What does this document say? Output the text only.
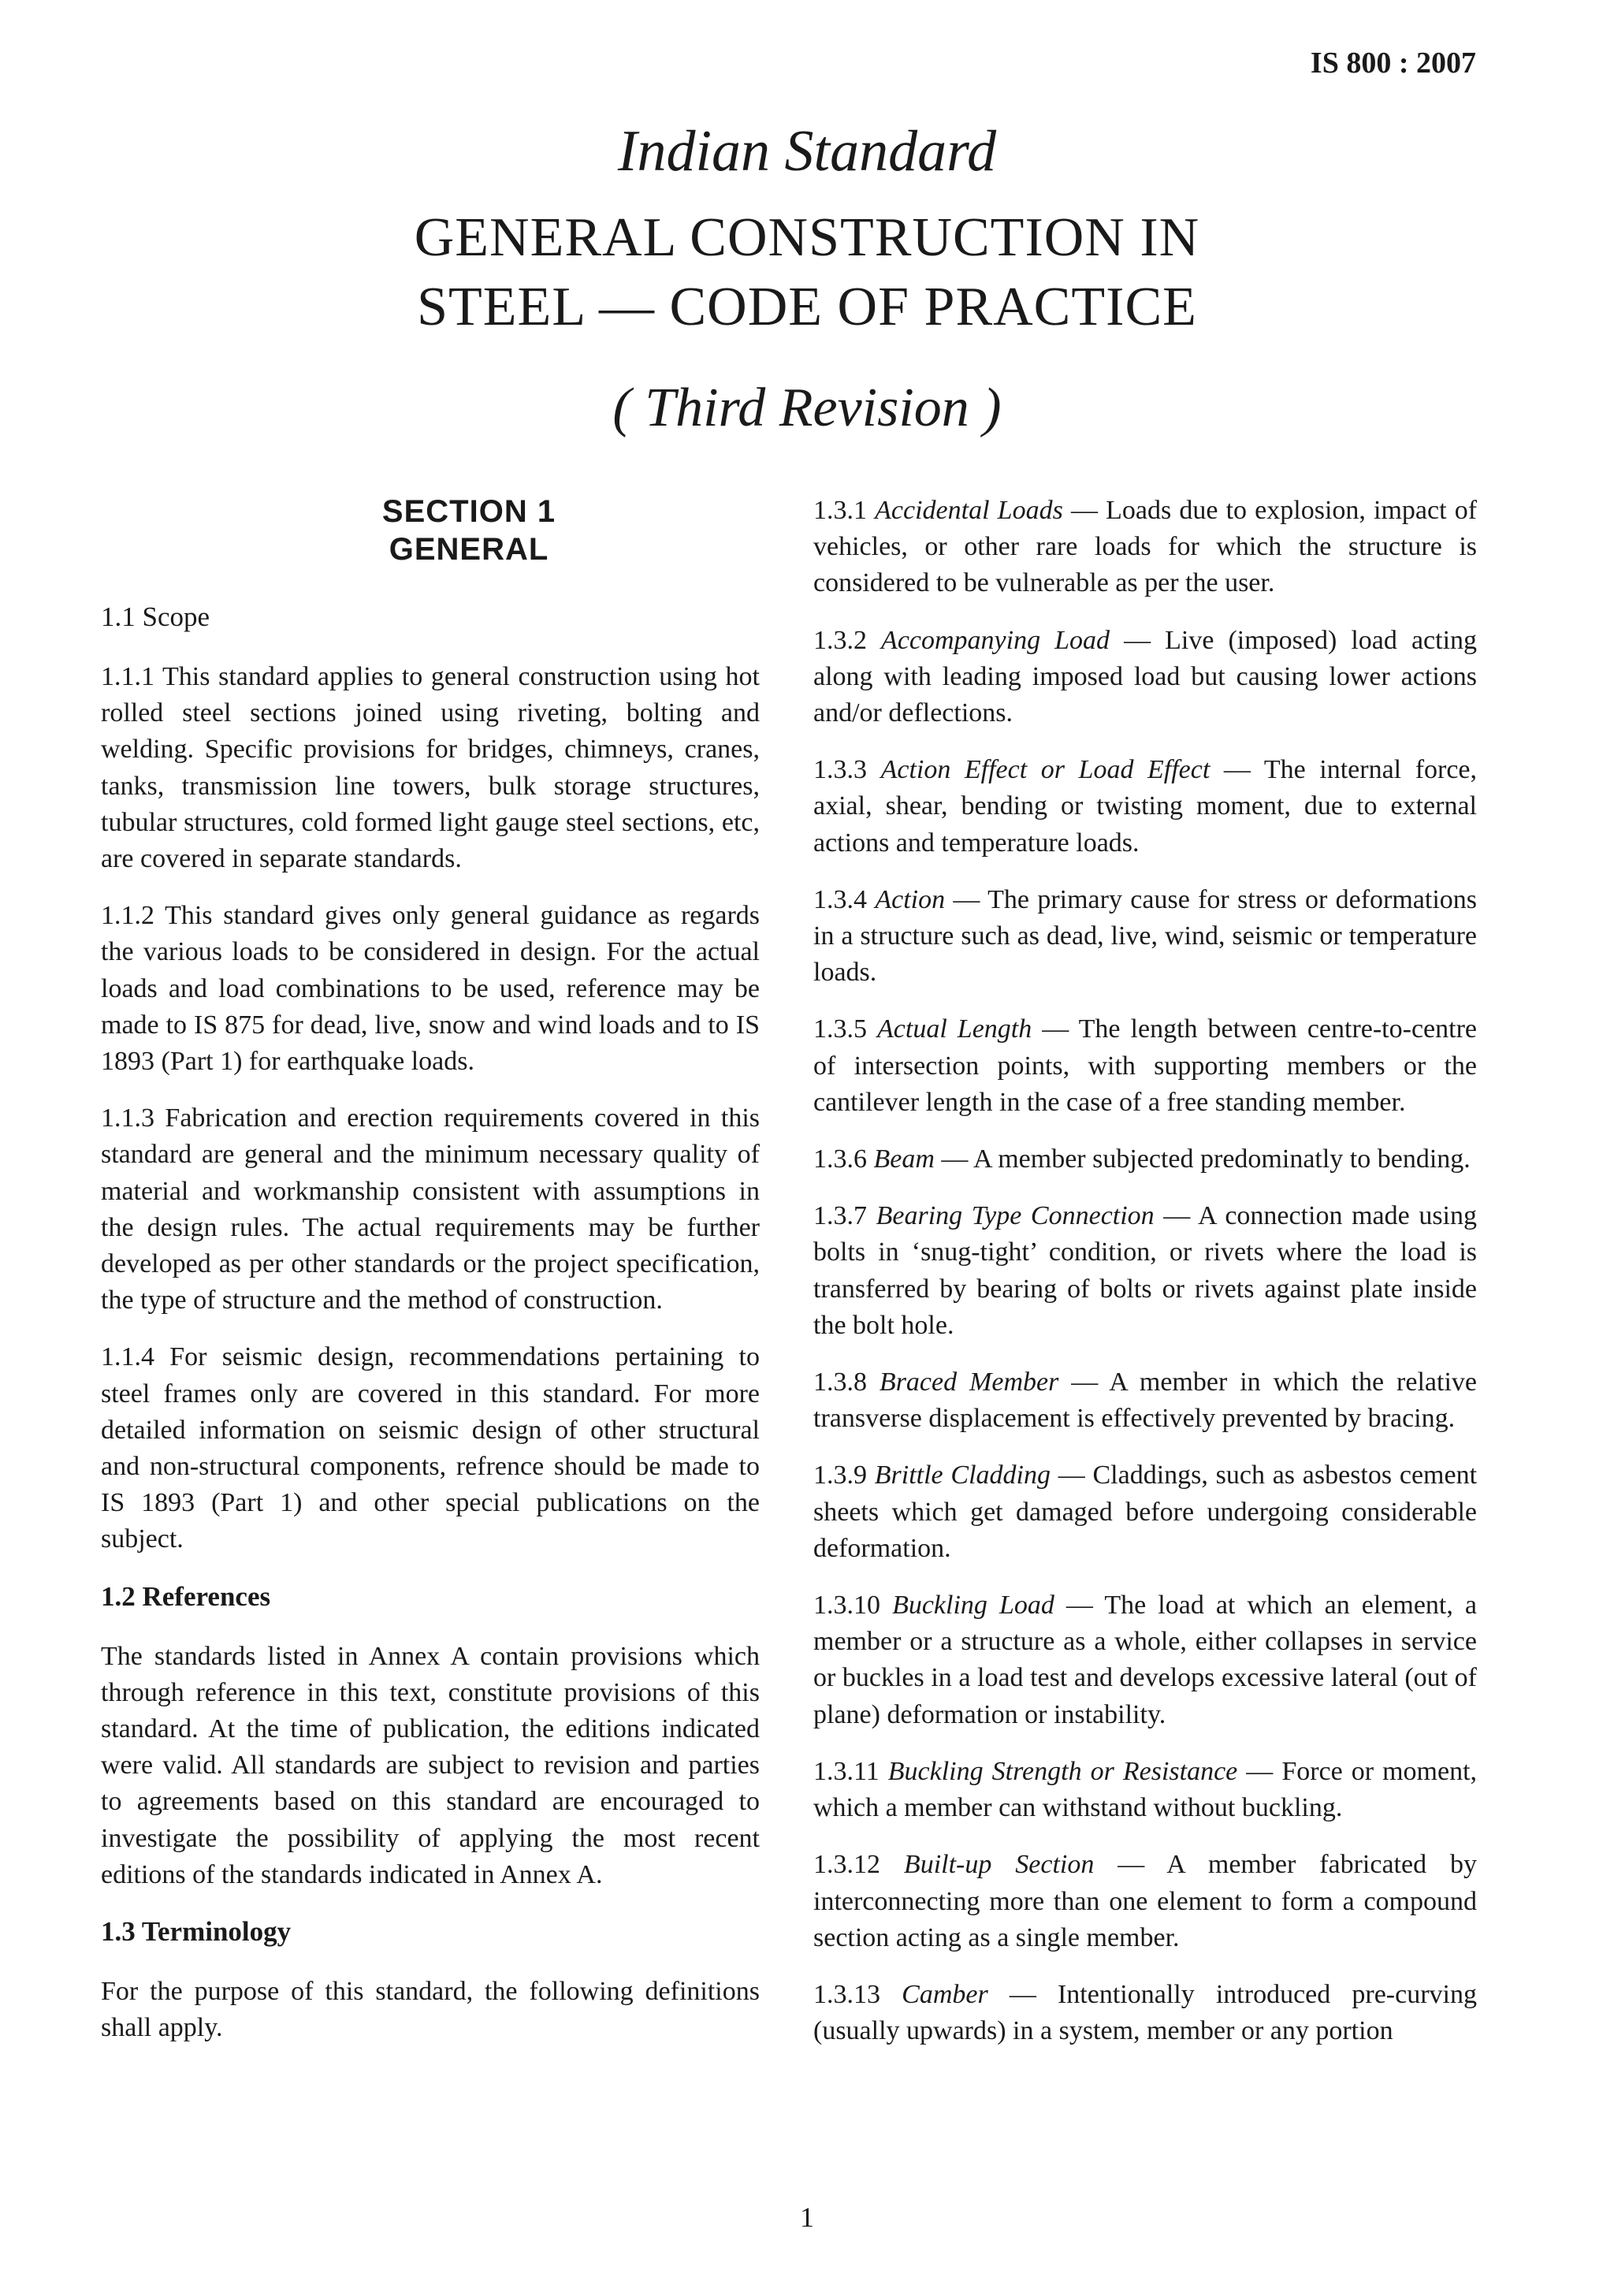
IS 800 : 2007
Indian Standard
GENERAL CONSTRUCTION IN
STEEL — CODE OF PRACTICE
( Third Revision )
SECTION 1
GENERAL
1.1 Scope

1.1.1 This standard applies to general construction using hot rolled steel sections joined using riveting, bolting and welding. Specific provisions for bridges, chimneys, cranes, tanks, transmission line towers, bulk storage structures, tubular structures, cold formed light gauge steel sections, etc, are covered in separate standards.

1.1.2 This standard gives only general guidance as regards the various loads to be considered in design. For the actual loads and load combinations to be used, reference may be made to IS 875 for dead, live, snow and wind loads and to IS 1893 (Part 1) for earthquake loads.

1.1.3 Fabrication and erection requirements covered in this standard are general and the minimum necessary quality of material and workmanship consistent with assumptions in the design rules. The actual requirements may be further developed as per other standards or the project specification, the type of structure and the method of construction.

1.1.4 For seismic design, recommendations pertaining to steel frames only are covered in this standard. For more detailed information on seismic design of other structural and non-structural components, refrence should be made to IS 1893 (Part 1) and other special publications on the subject.

1.2 References

The standards listed in Annex A contain provisions which through reference in this text, constitute provisions of this standard. At the time of publication, the editions indicated were valid. All standards are subject to revision and parties to agreements based on this standard are encouraged to investigate the possibility of applying the most recent editions of the standards indicated in Annex A.

1.3 Terminology

For the purpose of this standard, the following definitions shall apply.

1.3.1 Accidental Loads — Loads due to explosion, impact of vehicles, or other rare loads for which the structure is considered to be vulnerable as per the user.

1.3.2 Accompanying Load — Live (imposed) load acting along with leading imposed load but causing lower actions and/or deflections.

1.3.3 Action Effect or Load Effect — The internal force, axial, shear, bending or twisting moment, due to external actions and temperature loads.

1.3.4 Action — The primary cause for stress or deformations in a structure such as dead, live, wind, seismic or temperature loads.

1.3.5 Actual Length — The length between centre-to-centre of intersection points, with supporting members or the cantilever length in the case of a free standing member.

1.3.6 Beam — A member subjected predominatly to bending.

1.3.7 Bearing Type Connection — A connection made using bolts in ‘snug-tight’ condition, or rivets where the load is transferred by bearing of bolts or rivets against plate inside the bolt hole.

1.3.8 Braced Member — A member in which the relative transverse displacement is effectively prevented by bracing.

1.3.9 Brittle Cladding — Claddings, such as asbestos cement sheets which get damaged before undergoing considerable deformation.

1.3.10 Buckling Load — The load at which an element, a member or a structure as a whole, either collapses in service or buckles in a load test and develops excessive lateral (out of plane) deformation or instability.

1.3.11 Buckling Strength or Resistance — Force or moment, which a member can withstand without buckling.

1.3.12 Built-up Section — A member fabricated by interconnecting more than one element to form a compound section acting as a single member.

1.3.13 Camber — Intentionally introduced pre-curving (usually upwards) in a system, member or any portion

1
